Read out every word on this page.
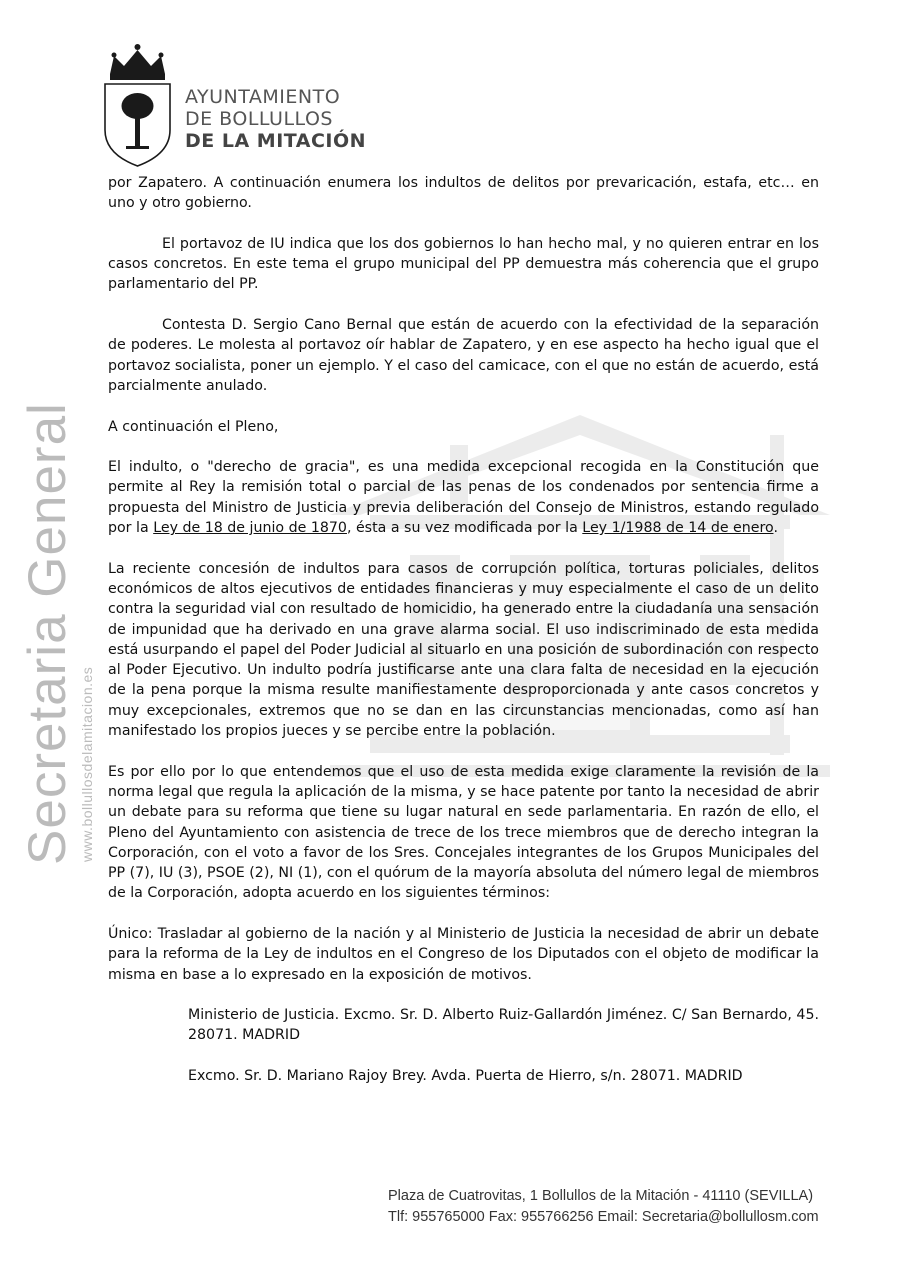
AYUNTAMIENTO
DE BOLLULLOS
DE LA MITACIÓN
Secretaria General www.bollullosdelamitacion.es

por Zapatero. A continuación enumera los indultos de delitos por prevaricación, estafa, etc… en uno y otro gobierno.

El portavoz de IU indica que los dos gobiernos lo han hecho mal, y no quieren entrar en los casos concretos. En este tema el grupo municipal del PP demuestra más coherencia que el grupo parlamentario del PP.

Contesta D. Sergio Cano Bernal que están de acuerdo con la efectividad de la separación de poderes. Le molesta al portavoz oír hablar de Zapatero, y en ese aspecto ha hecho igual que el portavoz socialista, poner un ejemplo. Y el caso del camicace, con el que no están de acuerdo, está parcialmente anulado.

A continuación el Pleno,

El indulto, o "derecho de gracia", es una medida excepcional recogida en la Constitución que permite al Rey la remisión total o parcial de las penas de los condenados por sentencia firme a propuesta del Ministro de Justicia y previa deliberación del Consejo de Ministros, estando regulado por la Ley de 18 de junio de 1870, ésta a su vez modificada por la Ley 1/1988 de 14 de enero.

La reciente concesión de indultos para casos de corrupción política, torturas policiales, delitos económicos de altos ejecutivos de entidades financieras y muy especialmente el caso de un delito contra la seguridad vial con resultado de homicidio, ha generado entre la ciudadanía una sensación de impunidad que ha derivado en una grave alarma social. El uso indiscriminado de esta medida está usurpando el papel del Poder Judicial al situarlo en una posición de subordinación con respecto al Poder Ejecutivo. Un indulto podría justificarse ante una clara falta de necesidad en la ejecución de la pena porque la misma resulte manifiestamente desproporcionada y ante casos concretos y muy excepcionales, extremos que no se dan en las circunstancias mencionadas, como así han manifestado los propios jueces y se percibe entre la población.

Es por ello por lo que entendemos que el uso de esta medida exige claramente la revisión de la norma legal que regula la aplicación de la misma, y se hace patente por tanto la necesidad de abrir un debate para su reforma que tiene su lugar natural en sede parlamentaria. En razón de ello, el Pleno del Ayuntamiento con asistencia de trece de los trece miembros que de derecho integran la Corporación, con el voto a favor de los Sres. Concejales integrantes de los Grupos Municipales del PP (7), IU (3), PSOE (2), NI (1), con el quórum de la mayoría absoluta del número legal de miembros de la Corporación, adopta acuerdo en los siguientes términos:

Único: Trasladar al gobierno de la nación y al Ministerio de Justicia la necesidad de abrir un debate para la reforma de la Ley de indultos en el Congreso de los Diputados con el objeto de modificar la misma en base a lo expresado en la exposición de motivos.

Ministerio de Justicia. Excmo. Sr. D. Alberto Ruiz-Gallardón Jiménez. C/ San Bernardo, 45. 28071. MADRID

Excmo. Sr. D. Mariano Rajoy Brey. Avda. Puerta de Hierro, s/n. 28071. MADRID

Plaza de Cuatrovitas, 1 Bollullos de la Mitación - 41110 (SEVILLA)
Tlf: 955765000 Fax: 955766256 Email: Secretaria@bollullosm.com
